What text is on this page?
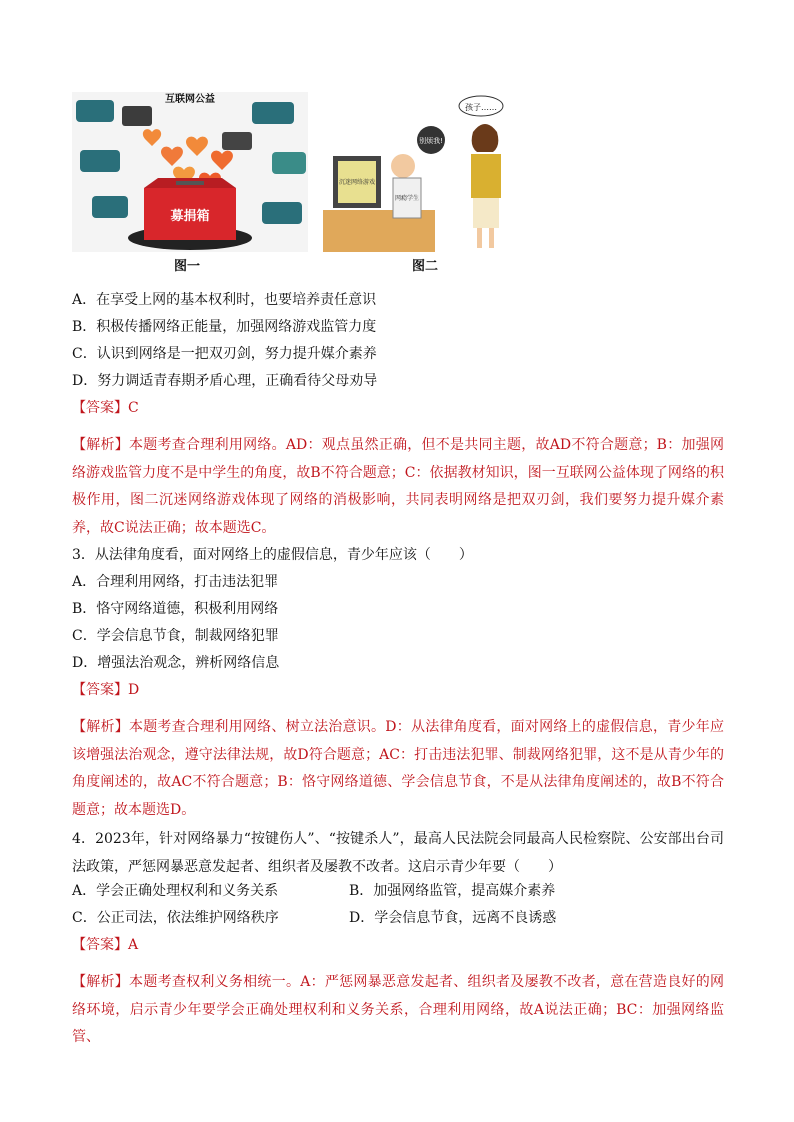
互联网公益
募捐箱
孩子……
别烦我!
沉迷网络游戏
网瘾学生
图一	图二
A．在享受上网的基本权利时，也要培养责任意识
B．积极传播网络正能量，加强网络游戏监管力度
C．认识到网络是一把双刃剑，努力提升媒介素养
D．努力调适青春期矛盾心理，正确看待父母劝导
【答案】C
【解析】本题考查合理利用网络。AD：观点虽然正确，但不是共同主题，故AD不符合题意；B：加强网络游戏监管力度不是中学生的角度，故B不符合题意；C：依据教材知识，图一互联网公益体现了网络的积极作用，图二沉迷网络游戏体现了网络的消极影响，共同表明网络是把双刃剑，我们要努力提升媒介素养，故C说法正确；故本题选C。
3．从法律角度看，面对网络上的虚假信息，青少年应该（　　）
A．合理利用网络，打击违法犯罪
B．恪守网络道德，积极利用网络
C．学会信息节食，制裁网络犯罪
D．增强法治观念，辨析网络信息
【答案】D
【解析】本题考查合理利用网络、树立法治意识。D：从法律角度看，面对网络上的虚假信息，青少年应该增强法治观念，遵守法律法规，故D符合题意；AC：打击违法犯罪、制裁网络犯罪，这不是从青少年的角度阐述的，故AC不符合题意；B：恪守网络道德、学会信息节食，不是从法律角度阐述的，故B不符合题意；故本题选D。
4．2023年，针对网络暴力“按键伤人”、“按键杀人”，最高人民法院会同最高人民检察院、公安部出台司法政策，严惩网暴恶意发起者、组织者及屡教不改者。这启示青少年要（　　）
A．学会正确处理权利和义务关系	B．加强网络监管，提高媒介素养
C．公正司法，依法维护网络秩序	D．学会信息节食，远离不良诱惑
【答案】A
【解析】本题考查权利义务相统一。A：严惩网暴恶意发起者、组织者及屡教不改者，意在营造良好的网络环境，启示青少年要学会正确处理权利和义务关系，合理利用网络，故A说法正确；BC：加强网络监管、
